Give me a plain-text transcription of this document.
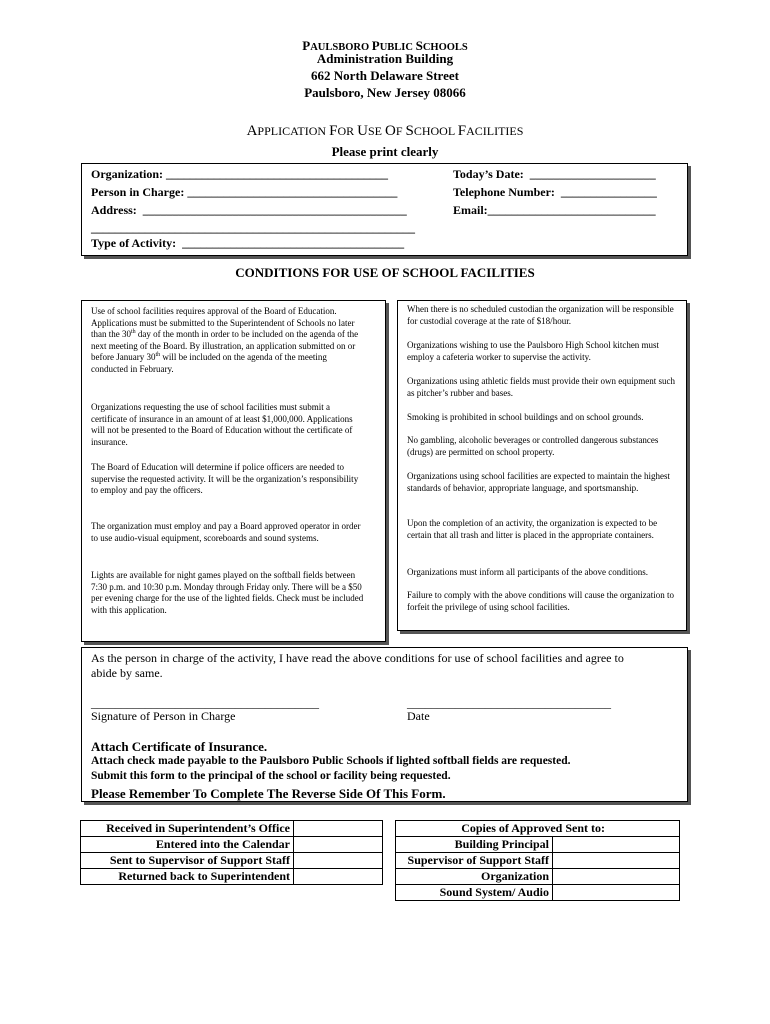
PAULSBORO PUBLIC SCHOOLS
Administration Building
662 North Delaware Street
Paulsboro, New Jersey 08066
APPLICATION FOR USE OF SCHOOL FACILITIES
Please print clearly
Organization: _____________________________________	Today’s Date:  _____________________
Person in Charge: ___________________________________	Telephone Number:  ________________
Address:  ____________________________________________	Email:____________________________
______________________________________________________
Type of Activity:  _____________________________________
CONDITIONS FOR USE OF SCHOOL FACILITIES

Use of school facilities requires approval of the Board of Education. Applications must be submitted to the Superintendent of Schools no later than the 30th day of the month in order to be included on the agenda of the next meeting of the Board. By illustration, an application submitted on or before January 30th will be included on the agenda of the meeting conducted in February.

Organizations requesting the use of school facilities must submit a certificate of insurance in an amount of at least $1,000,000. Applications will not be presented to the Board of Education without the certificate of insurance.

The Board of Education will determine if police officers are needed to supervise the requested activity. It will be the organization’s responsibility to employ and pay the officers.

The organization must employ and pay a Board approved operator in order to use audio-visual equipment, scoreboards and sound systems.

Lights are available for night games played on the softball fields between 7:30 p.m. and 10:30 p.m. Monday through Friday only. There will be a $50 per evening charge for the use of the lighted fields. Check must be included with this application.

When there is no scheduled custodian the organization will be responsible for custodial coverage at the rate of $18/hour.

Organizations wishing to use the Paulsboro High School kitchen must employ a cafeteria worker to supervise the activity.

Organizations using athletic fields must provide their own equipment such as pitcher’s rubber and bases.

Smoking is prohibited in school buildings and on school grounds.

No gambling, alcoholic beverages or controlled dangerous substances (drugs) are permitted on school property.

Organizations using school facilities are expected to maintain the highest standards of behavior, appropriate language, and sportsmanship.

Upon the completion of an activity, the organization is expected to be certain that all trash and litter is placed in the appropriate containers.

Organizations must inform all participants of the above conditions.

Failure to comply with the above conditions will cause the organization to forfeit the privilege of using school facilities.

As the person in charge of the activity, I have read the above conditions for use of school facilities and agree to abide by same.
______________________________________	__________________________________
Signature of Person in Charge	Date
Attach Certificate of Insurance.
Attach check made payable to the Paulsboro Public Schools if lighted softball fields are requested.
Submit this form to the principal of the school or facility being requested.
Please Remember To Complete The Reverse Side Of This Form.
Received in Superintendent’s Office	
Entered into the Calendar	
Sent to Supervisor of Support Staff	
Returned back to Superintendent	
Copies of Approved Sent to:	
Building Principal	
Supervisor of Support Staff	
Organization	
Sound System/ Audio	
